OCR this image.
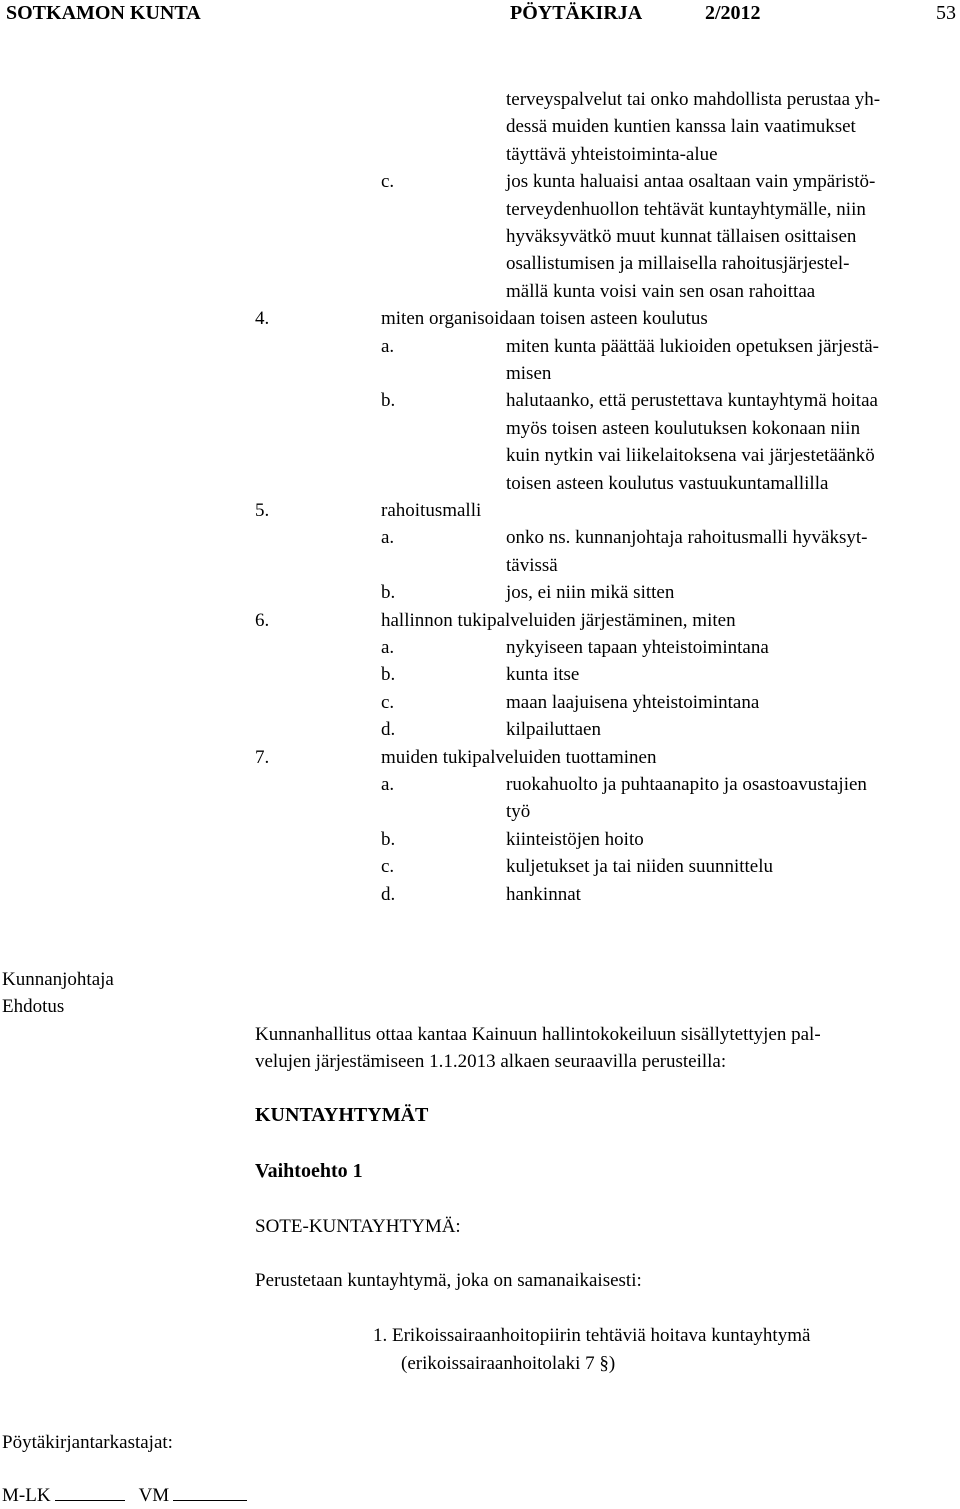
SOTKAMON KUNTA	PÖYTÄKIRJA	2/2012	53
terveyspalvelut tai onko mahdollista perustaa yh-
dessä muiden kuntien kanssa lain vaatimukset
täyttävä yhteistoiminta-alue
c.	jos kunta haluaisi antaa osaltaan vain ympäristö-
terveydenhuollon tehtävät kuntayhtymälle, niin
hyväksyvätkö muut kunnat tällaisen osittaisen
osallistumisen ja millaisella rahoitusjärjestel-
mällä kunta voisi vain sen osan rahoittaa
4.	miten organisoidaan toisen asteen koulutus
a.	miten kunta päättää lukioiden opetuksen järjestä-
misen
b.	halutaanko, että perustettava kuntayhtymä hoitaa
myös toisen asteen koulutuksen kokonaan niin
kuin nytkin vai liikelaitoksena vai järjestetäänkö
toisen asteen koulutus vastuukuntamallilla
5.	rahoitusmalli
a.	onko ns. kunnanjohtaja rahoitusmalli hyväksyt-
tävissä
b.	jos, ei niin mikä sitten
6.	hallinnon tukipalveluiden järjestäminen, miten
a.	nykyiseen tapaan yhteistoimintana
b.	kunta itse
c.	maan laajuisena yhteistoimintana
d.	kilpailuttaen
7.	muiden tukipalveluiden tuottaminen
a.	ruokahuolto ja puhtaanapito ja osastoavustajien
työ
b.	kiinteistöjen hoito
c.	kuljetukset ja tai niiden suunnittelu
d.	hankinnat
Kunnanjohtaja
Ehdotus
Kunnanhallitus ottaa kantaa Kainuun hallintokokeiluun sisällytettyjen pal-
velujen järjestämiseen 1.1.2013 alkaen seuraavilla perusteilla:
KUNTAYHTYMÄT
Vaihtoehto 1
SOTE-KUNTAYHTYMÄ:
Perustetaan kuntayhtymä, joka on samanaikaisesti:
1. Erikoissairaanhoitopiirin tehtäviä hoitava kuntayhtymä
(erikoissairaanhoitolaki 7 §)
Pöytäkirjantarkastajat:
M-LK	VM
